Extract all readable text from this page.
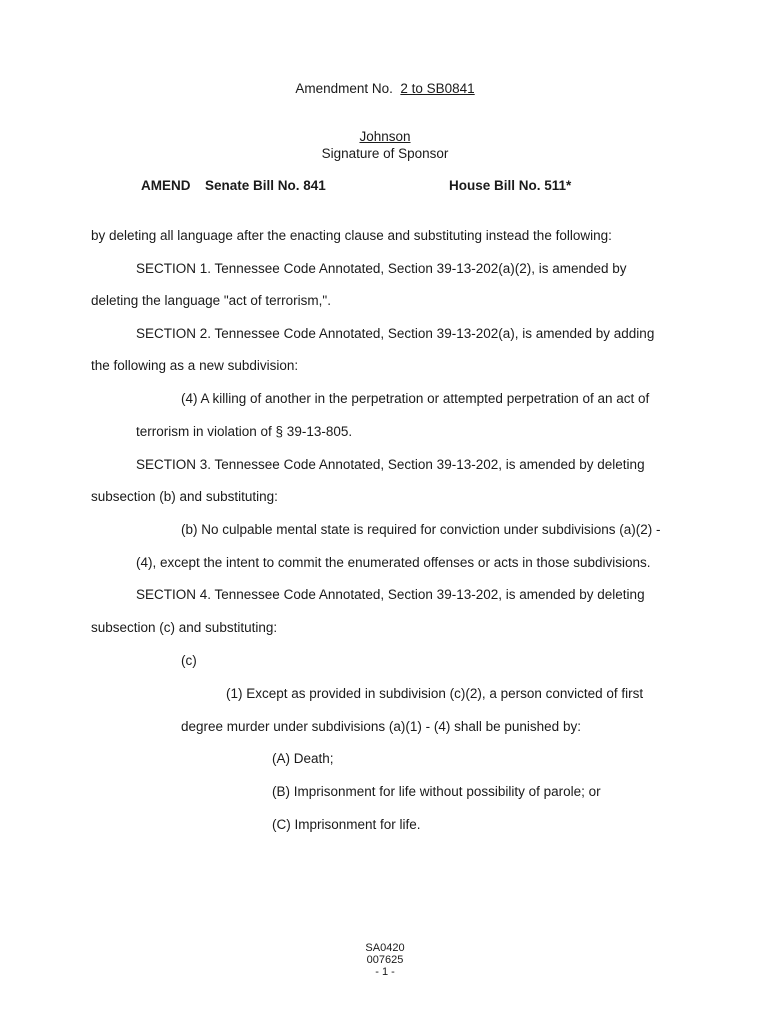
Amendment No. 2 to SB0841
Johnson
Signature of Sponsor
AMEND Senate Bill No. 841	House Bill No. 511*
by deleting all language after the enacting clause and substituting instead the following:
SECTION 1. Tennessee Code Annotated, Section 39-13-202(a)(2), is amended by
deleting the language "act of terrorism,".
SECTION 2. Tennessee Code Annotated, Section 39-13-202(a), is amended by adding
the following as a new subdivision:
(4) A killing of another in the perpetration or attempted perpetration of an act of
terrorism in violation of § 39-13-805.
SECTION 3. Tennessee Code Annotated, Section 39-13-202, is amended by deleting
subsection (b) and substituting:
(b) No culpable mental state is required for conviction under subdivisions (a)(2) -
(4), except the intent to commit the enumerated offenses or acts in those subdivisions.
SECTION 4. Tennessee Code Annotated, Section 39-13-202, is amended by deleting
subsection (c) and substituting:
(c)
(1) Except as provided in subdivision (c)(2), a person convicted of first
degree murder under subdivisions (a)(1) - (4) shall be punished by:
(A) Death;
(B) Imprisonment for life without possibility of parole; or
(C) Imprisonment for life.
SA0420
007625
- 1 -
